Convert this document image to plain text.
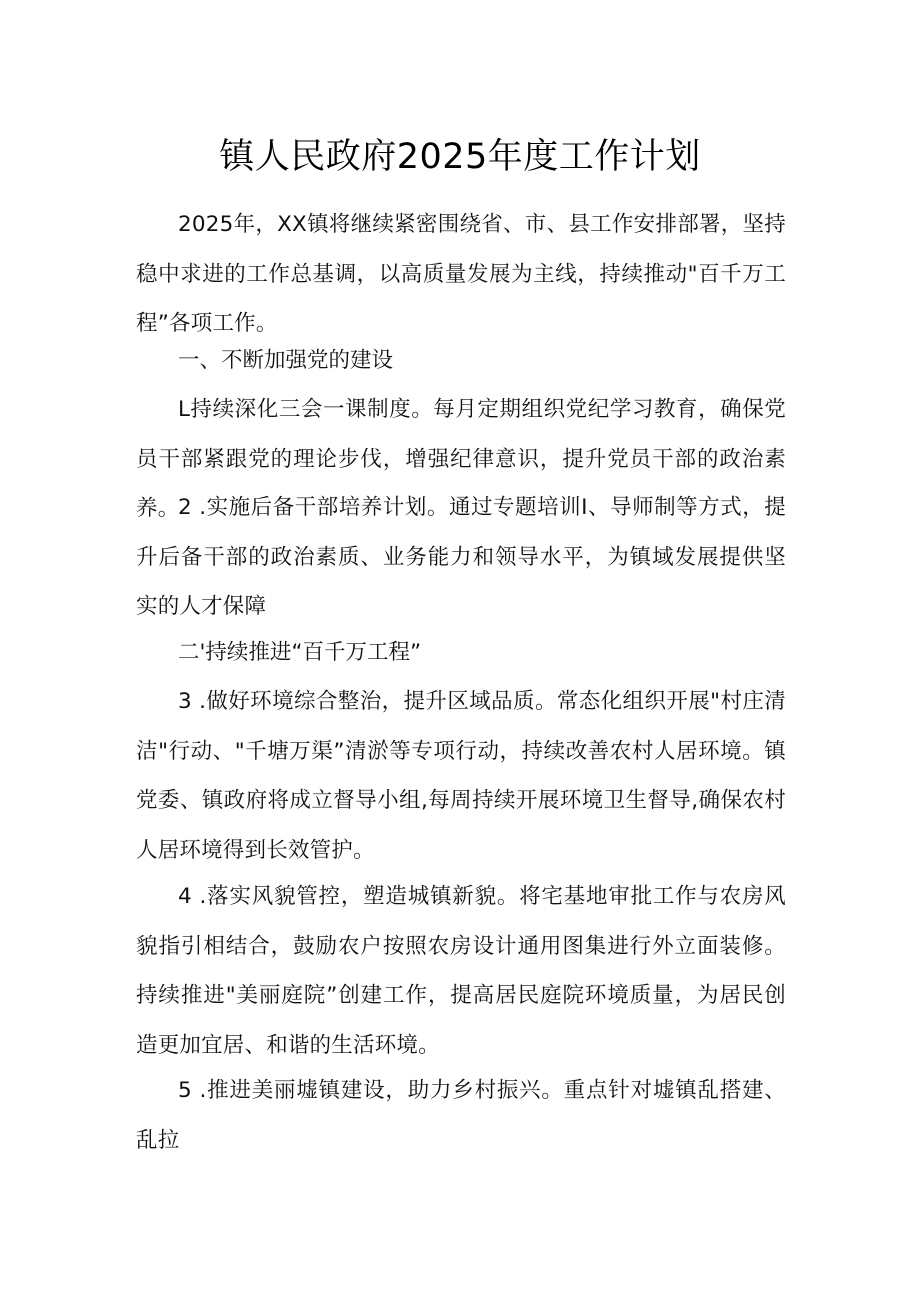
镇人民政府2025年度工作计划

2025年，XX镇将继续紧密围绕省、市、县工作安排部署，坚持稳中求进的工作总基调，以高质量发展为主线，持续推动"百千万工程”各项工作。

一、不断加强党的建设

L持续深化三会一课制度。每月定期组织党纪学习教育，确保党员干部紧跟党的理论步伐，增强纪律意识，提升党员干部的政治素养。

2 .实施后备干部培养计划。通过专题培训I、导师制等方式，提升后备干部的政治素质、业务能力和领导水平，为镇域发展提供坚实的人才保障

二'持续推进“百千万工程”

3 .做好环境综合整治，提升区域品质。常态化组织开展"村庄清洁"行动、"千塘万渠”清淤等专项行动，持续改善农村人居环境。镇党委、镇政府将成立督导小组,每周持续开展环境卫生督导,确保农村人居环境得到长效管护。

4 .落实风貌管控，塑造城镇新貌。将宅基地审批工作与农房风貌指引相结合，鼓励农户按照农房设计通用图集进行外立面装修。持续推进"美丽庭院”创建工作，提高居民庭院环境质量，为居民创造更加宜居、和谐的生活环境。

5 .推进美丽墟镇建设，助力乡村振兴。重点针对墟镇乱搭建、乱拉
